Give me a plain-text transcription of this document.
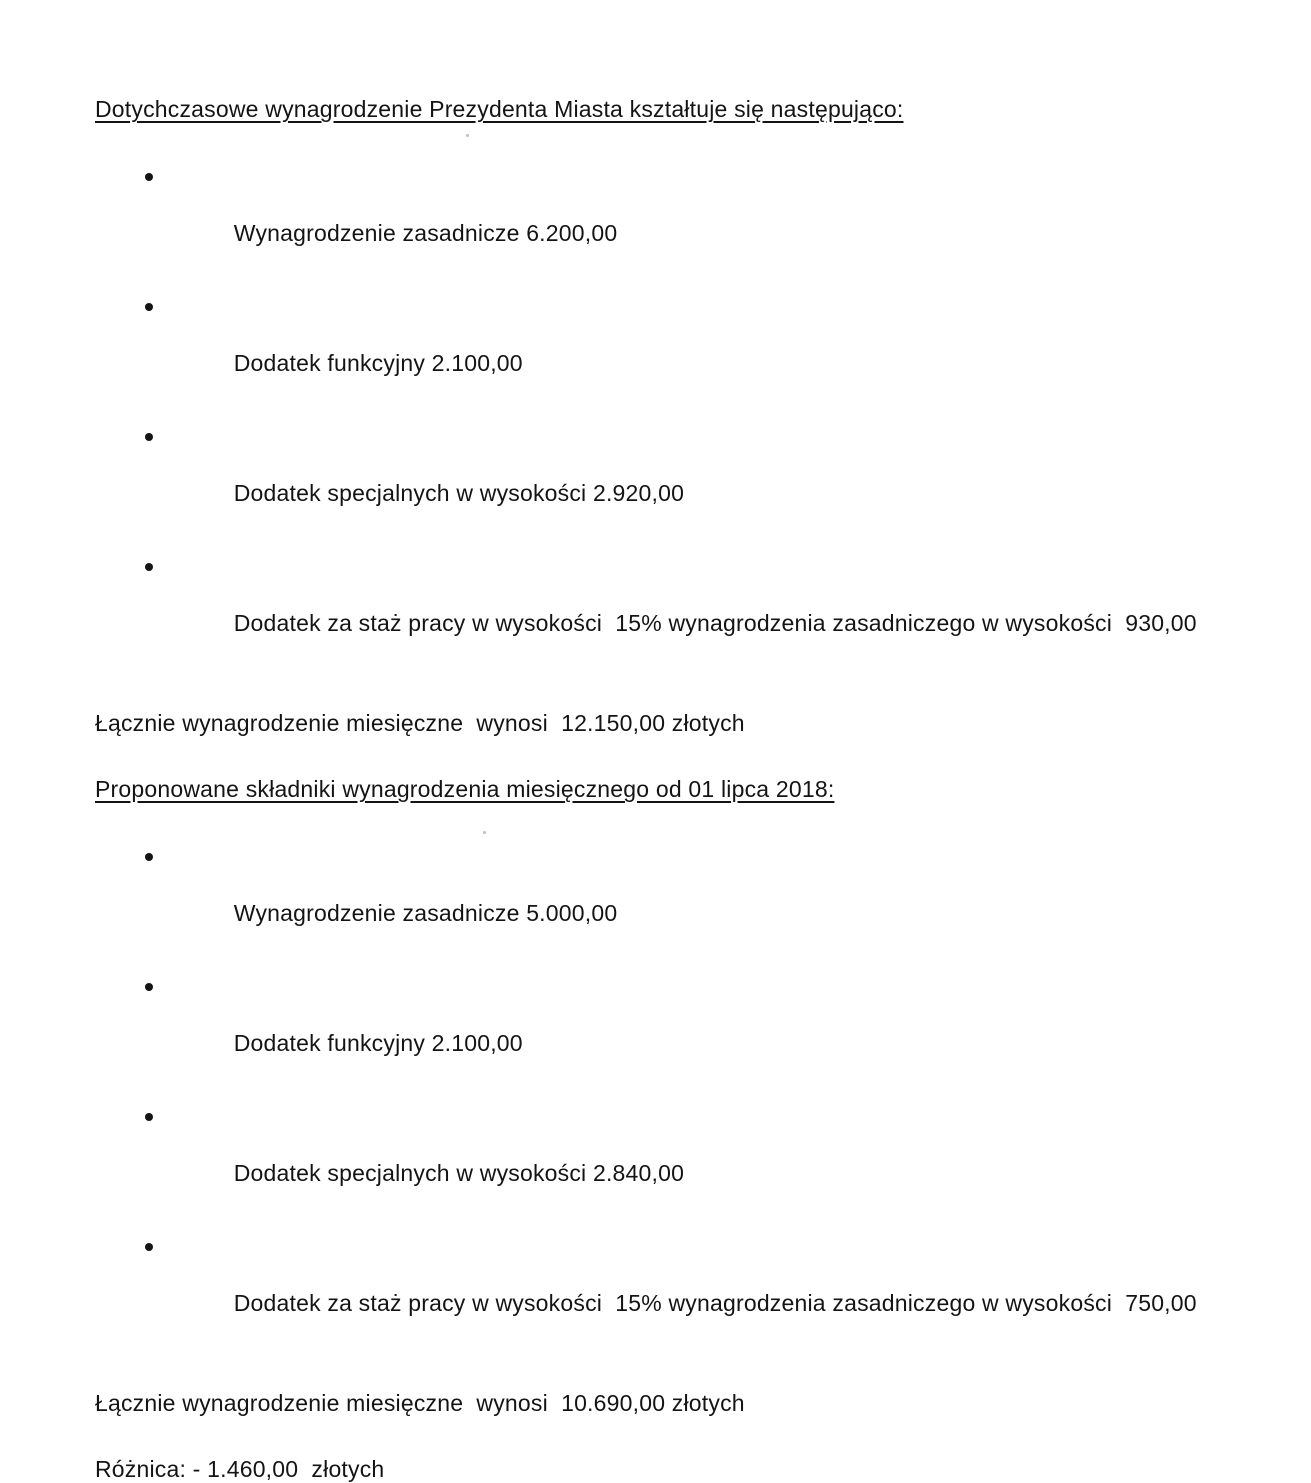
Dotychczasowe wynagrodzenie Prezydenta Miasta kształtuje się następująco:

Wynagrodzenie zasadnicze 6.200,00

Dodatek funkcyjny 2.100,00

Dodatek specjalnych w wysokości 2.920,00

Dodatek za staż pracy w wysokości  15% wynagrodzenia zasadniczego w wysokości  930,00

Łącznie wynagrodzenie miesięczne  wynosi  12.150,00 złotych
Proponowane składniki wynagrodzenia miesięcznego od 01 lipca 2018:

Wynagrodzenie zasadnicze 5.000,00

Dodatek funkcyjny 2.100,00

Dodatek specjalnych w wysokości 2.840,00

Dodatek za staż pracy w wysokości  15% wynagrodzenia zasadniczego w wysokości  750,00

Łącznie wynagrodzenie miesięczne  wynosi  10.690,00 złotych
Różnica: - 1.460,00  złotych
